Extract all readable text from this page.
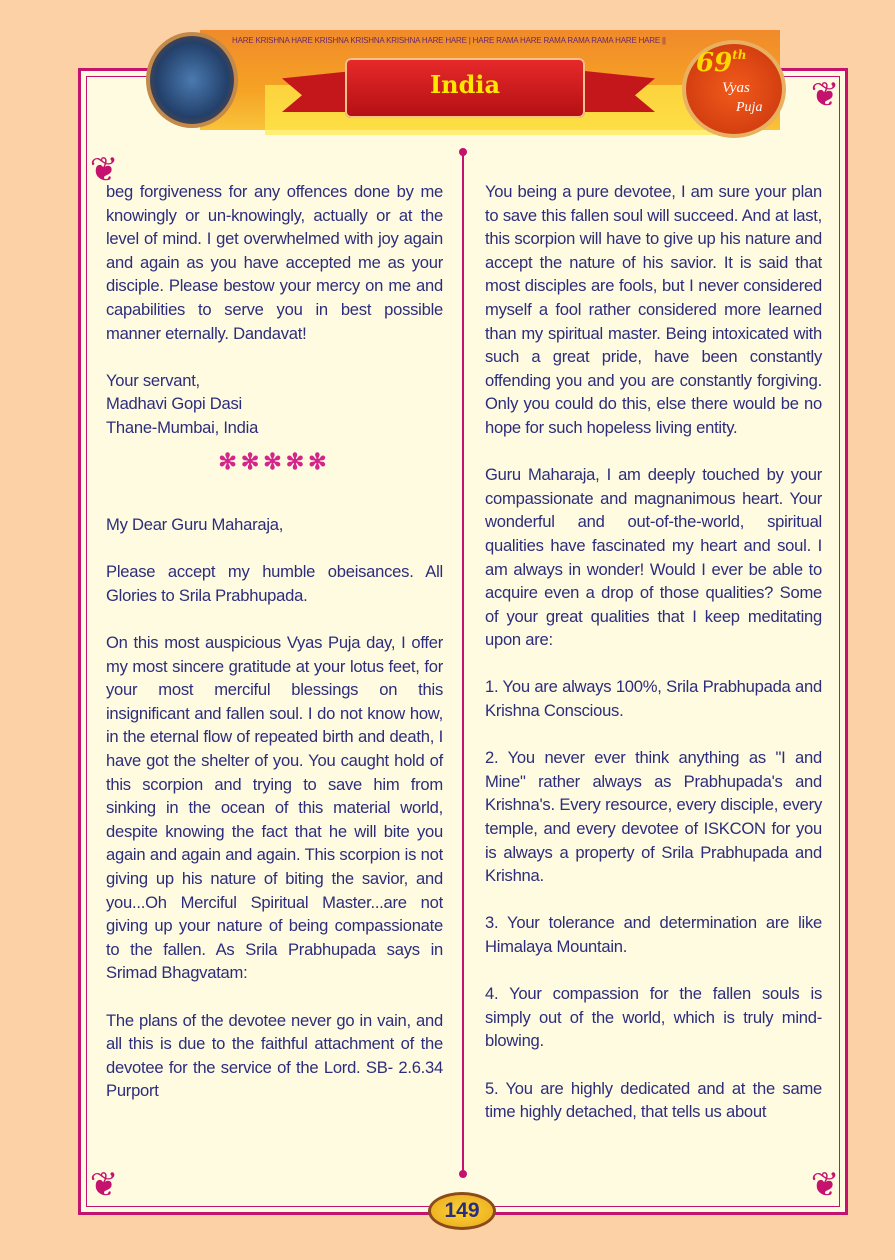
❦
❦
❦	❦
HARE KRISHNA HARE KRISHNA KRISHNA KRISHNA HARE HARE | HARE RAMA HARE RAMA RAMA RAMA HARE HARE ||
India
69th
Vyas
Puja

beg forgiveness for any offences done by me knowingly or un-knowingly, actually or at the level of mind. I get overwhelmed with joy again and again as you have accepted me as your disciple. Please bestow your mercy on me and capabilities to serve you in best possible manner eternally. Dandavat!

Your servant,
Madhavi Gopi Dasi
Thane-Mumbai, India
✻✻✻✻✻

My Dear Guru Maharaja,

Please accept my humble obeisances. All Glories to Srila Prabhupada.

On this most auspicious Vyas Puja day, I offer my most sincere gratitude at your lotus feet, for your most merciful blessings on this insignificant and fallen soul. I do not know how, in the eternal flow of repeated birth and death, I have got the shelter of you. You caught hold of this scorpion and trying to save him from sinking in the ocean of this material world, despite knowing the fact that he will bite you again and again and again. This scorpion is not giving up his nature of biting the savior, and you...Oh Merciful Spiritual Master...are not giving up your nature of being compassionate to the fallen. As Srila Prabhupada says in Srimad Bhagvatam:

The plans of the devotee never go in vain, and all this is due to the faithful attachment of the devotee for the service of the Lord. SB- 2.6.34 Purport

You being a pure devotee, I am sure your plan to save this fallen soul will succeed. And at last, this scorpion will have to give up his nature and accept the nature of his savior. It is said that most disciples are fools, but I never considered myself a fool rather considered more learned than my spiritual master. Being intoxicated with such a great pride, have been constantly offending you and you are constantly forgiving. Only you could do this, else there would be no hope for such hopeless living entity.

Guru Maharaja, I am deeply touched by your compassionate and magnanimous heart. Your wonderful and out-of-the-world, spiritual qualities have fascinated my heart and soul. I am always in wonder! Would I ever be able to acquire even a drop of those qualities? Some of your great qualities that I keep meditating upon are:

1. You are always 100%, Srila Prabhupada and Krishna Conscious.

2. You never ever think anything as "I and Mine" rather always as Prabhupada's and Krishna's. Every resource, every disciple, every temple, and every devotee of ISKCON for you is always a property of Srila Prabhupada and Krishna.

3. Your tolerance and determination are like Himalaya Mountain.

4. Your compassion for the fallen souls is simply out of the world, which is truly mind-blowing.

5. You are highly dedicated and at the same time highly detached, that tells us about

149
